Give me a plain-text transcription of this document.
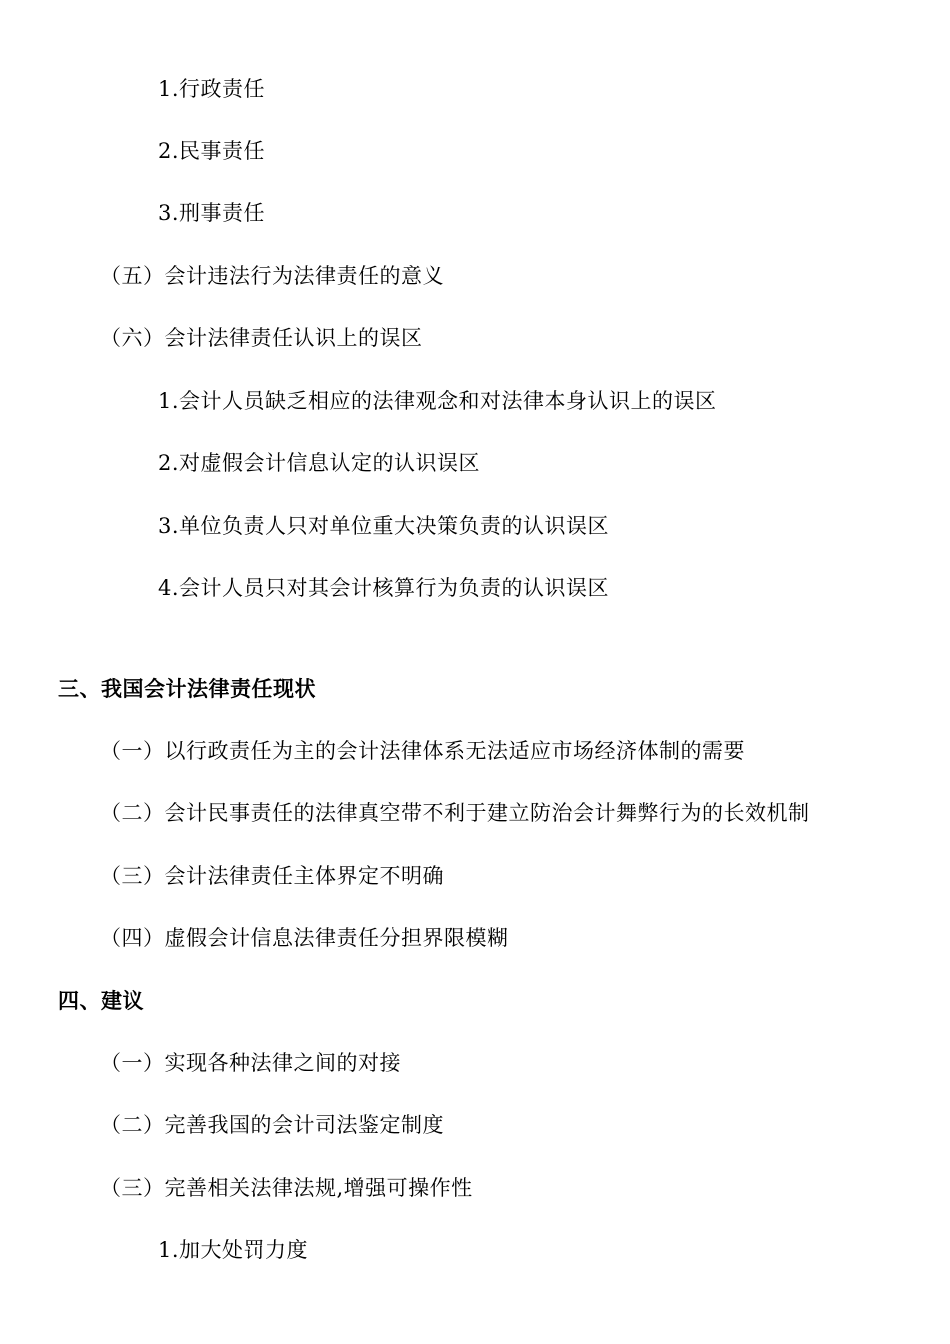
1.行政责任
2.民事责任
3.刑事责任
（五）会计违法行为法律责任的意义
（六）会计法律责任认识上的误区
1.会计人员缺乏相应的法律观念和对法律本身认识上的误区
2.对虚假会计信息认定的认识误区
3.单位负责人只对单位重大决策负责的认识误区
4.会计人员只对其会计核算行为负责的认识误区
三、我国会计法律责任现状
（一）以行政责任为主的会计法律体系无法适应市场经济体制的需要
（二）会计民事责任的法律真空带不利于建立防治会计舞弊行为的长效机制
（三）会计法律责任主体界定不明确
（四）虚假会计信息法律责任分担界限模糊
四、建议
（一）实现各种法律之间的对接
（二）完善我国的会计司法鉴定制度
（三）完善相关法律法规,增强可操作性
1.加大处罚力度
